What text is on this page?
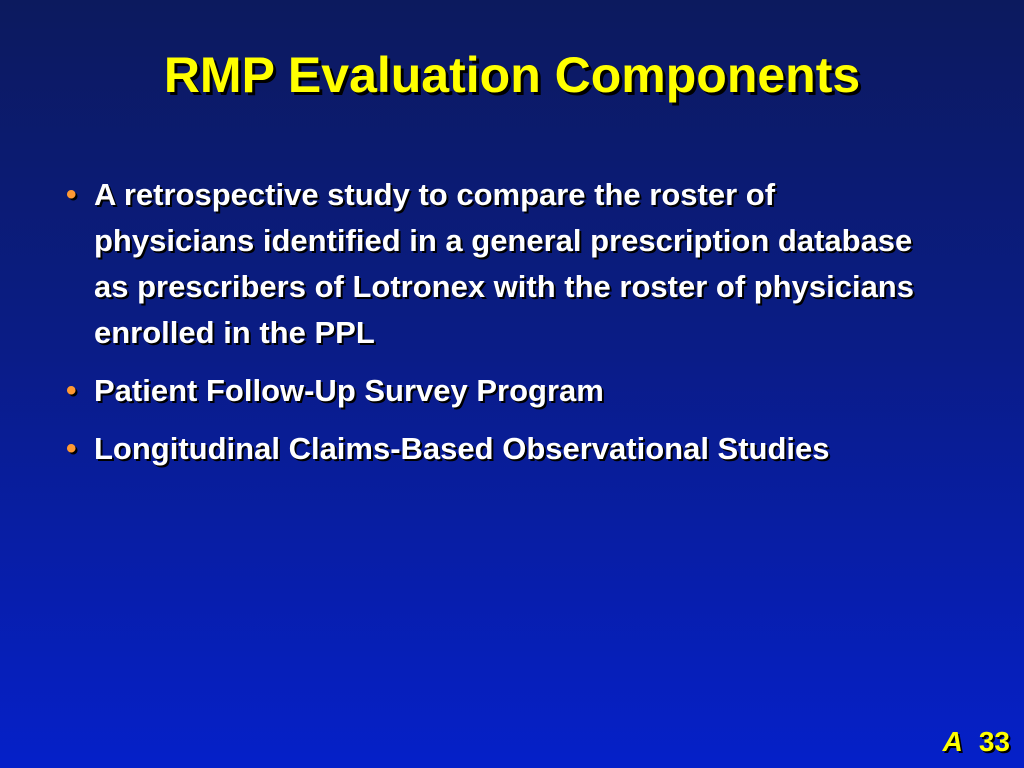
RMP Evaluation Components
• A retrospective study to compare the roster of physicians identified in a general prescription database as prescribers of Lotronex with the roster of physicians enrolled in the PPL
• Patient Follow-Up Survey Program
• Longitudinal Claims-Based Observational Studies
A 33
